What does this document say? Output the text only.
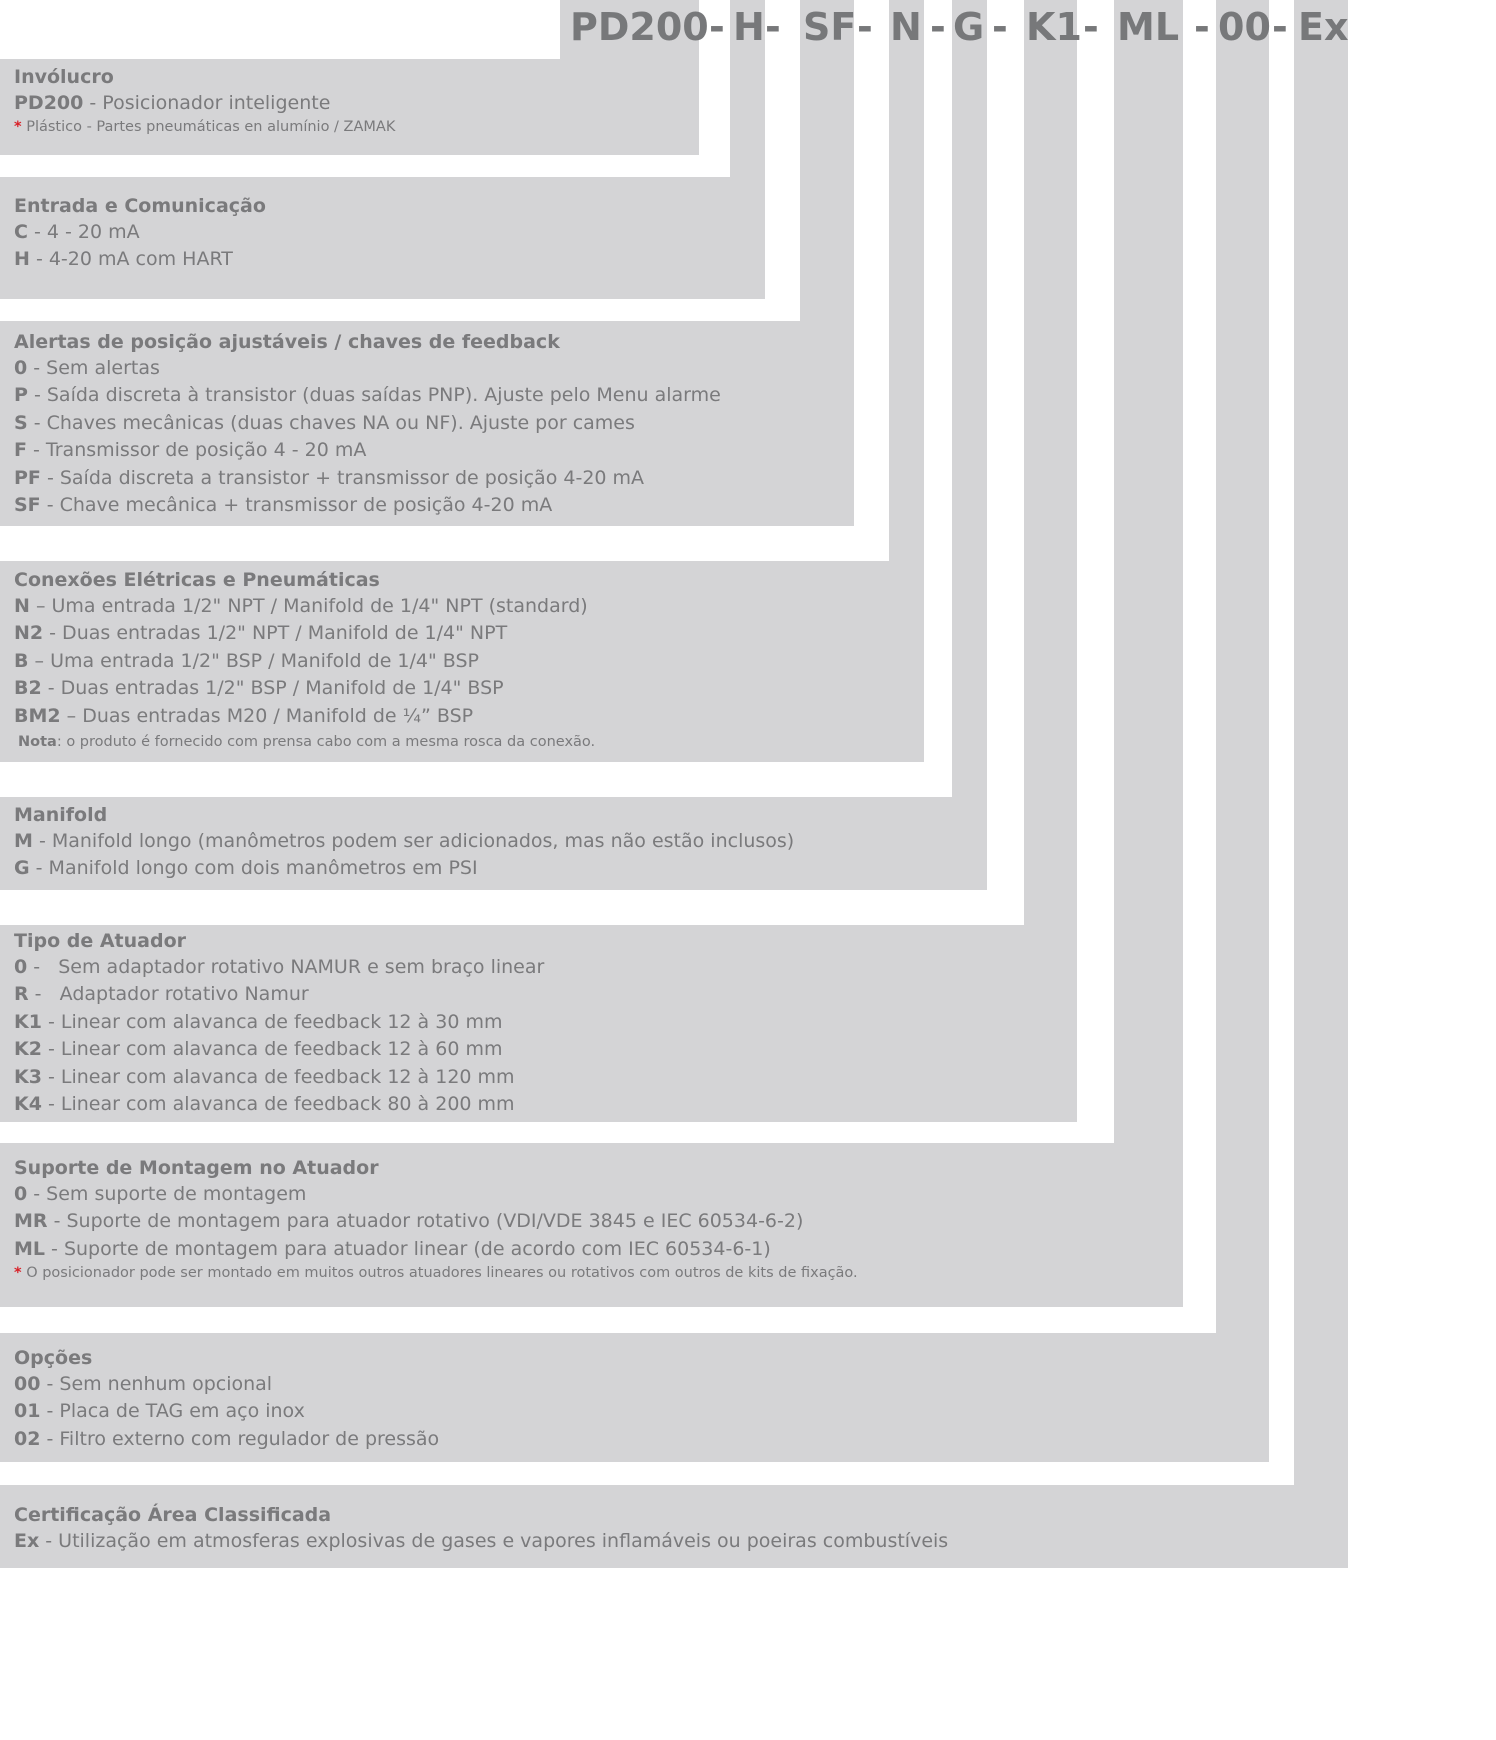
PD200 - H - SF - N - G - K1 - ML - 00 - Ex
Invólucro
PD200 - Posicionador inteligente
* Plástico - Partes pneumáticas en alumínio / ZAMAK
Entrada e Comunicação
C - 4 - 20 mA
H - 4-20 mA com HART
Alertas de posição ajustáveis / chaves de feedback
0 - Sem alertas
P - Saída discreta à transistor (duas saídas PNP). Ajuste pelo Menu alarme
S - Chaves mecânicas (duas chaves NA ou NF). Ajuste por cames
F - Transmissor de posição 4 - 20 mA
PF - Saída discreta a transistor + transmissor de posição 4-20 mA
SF - Chave mecânica + transmissor de posição 4-20 mA
Conexões Elétricas e Pneumáticas
N – Uma entrada 1/2" NPT / Manifold de 1/4" NPT (standard)
N2 - Duas entradas 1/2" NPT / Manifold de 1/4" NPT
B – Uma entrada 1/2" BSP / Manifold de 1/4" BSP
B2 - Duas entradas 1/2" BSP / Manifold de 1/4" BSP
BM2 – Duas entradas M20 / Manifold de ¼” BSP
Nota: o produto é fornecido com prensa cabo com a mesma rosca da conexão.
Manifold
M - Manifold longo (manômetros podem ser adicionados, mas não estão inclusos)
G - Manifold longo com dois manômetros em PSI
Tipo de Atuador
0 -   Sem adaptador rotativo NAMUR e sem braço linear
R -   Adaptador rotativo Namur
K1 - Linear com alavanca de feedback 12 à 30 mm
K2 - Linear com alavanca de feedback 12 à 60 mm
K3 - Linear com alavanca de feedback 12 à 120 mm
K4 - Linear com alavanca de feedback 80 à 200 mm
Suporte de Montagem no Atuador
0 - Sem suporte de montagem
MR - Suporte de montagem para atuador rotativo (VDI/VDE 3845 e IEC 60534-6-2)
ML - Suporte de montagem para atuador linear (de acordo com IEC 60534-6-1)
* O posicionador pode ser montado em muitos outros atuadores lineares ou rotativos com outros de kits de fixação.
Opções
00 - Sem nenhum opcional
01 - Placa de TAG em aço inox
02 - Filtro externo com regulador de pressão
Certificação Área Classificada
Ex - Utilização em atmosferas explosivas de gases e vapores inflamáveis ou poeiras combustíveis
